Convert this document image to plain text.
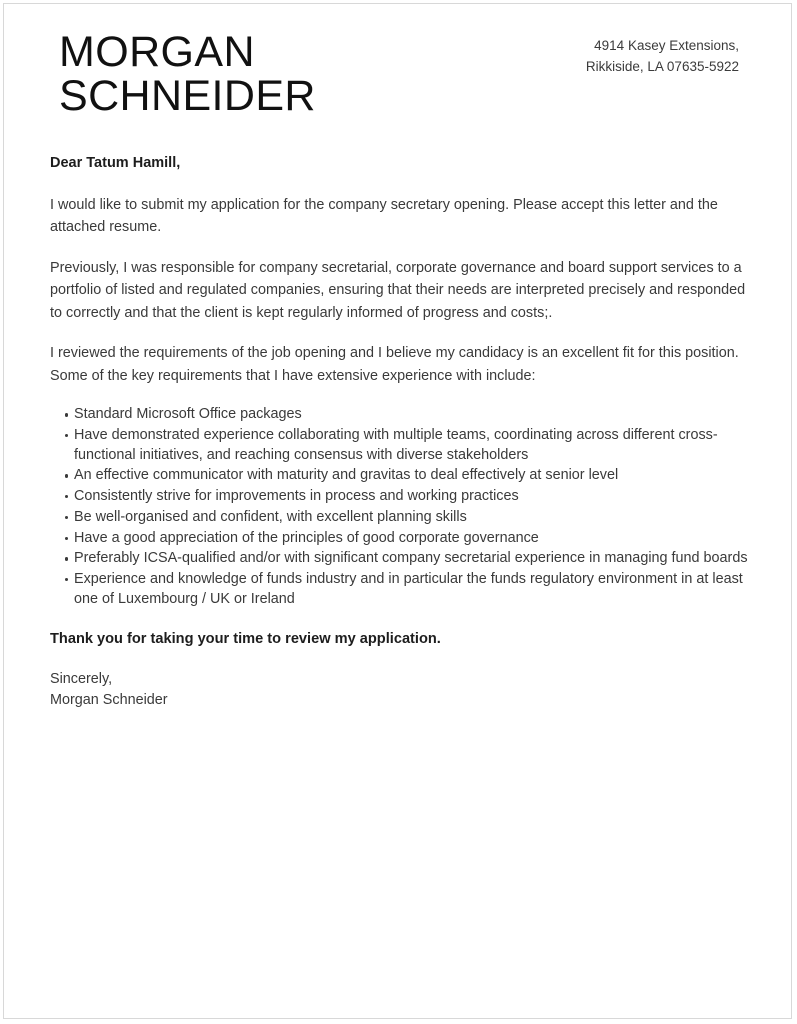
MORGAN
SCHNEIDER
4914 Kasey Extensions,
Rikkiside, LA 07635-5922

Dear Tatum Hamill,

I would like to submit my application for the company secretary opening. Please accept this letter and the attached resume.

Previously, I was responsible for company secretarial, corporate governance and board support services to a portfolio of listed and regulated companies, ensuring that their needs are interpreted precisely and responded to correctly and that the client is kept regularly informed of progress and costs;.

I reviewed the requirements of the job opening and I believe my candidacy is an excellent fit for this position. Some of the key requirements that I have extensive experience with include:

Standard Microsoft Office packages
Have demonstrated experience collaborating with multiple teams, coordinating across different cross-functional initiatives, and reaching consensus with diverse stakeholders
An effective communicator with maturity and gravitas to deal effectively at senior level
Consistently strive for improvements in process and working practices
Be well-organised and confident, with excellent planning skills
Have a good appreciation of the principles of good corporate governance
Preferably ICSA-qualified and/or with significant company secretarial experience in managing fund boards
Experience and knowledge of funds industry and in particular the funds regulatory environment in at least one of Luxembourg / UK or Ireland

Thank you for taking your time to review my application.

Sincerely,
Morgan Schneider
